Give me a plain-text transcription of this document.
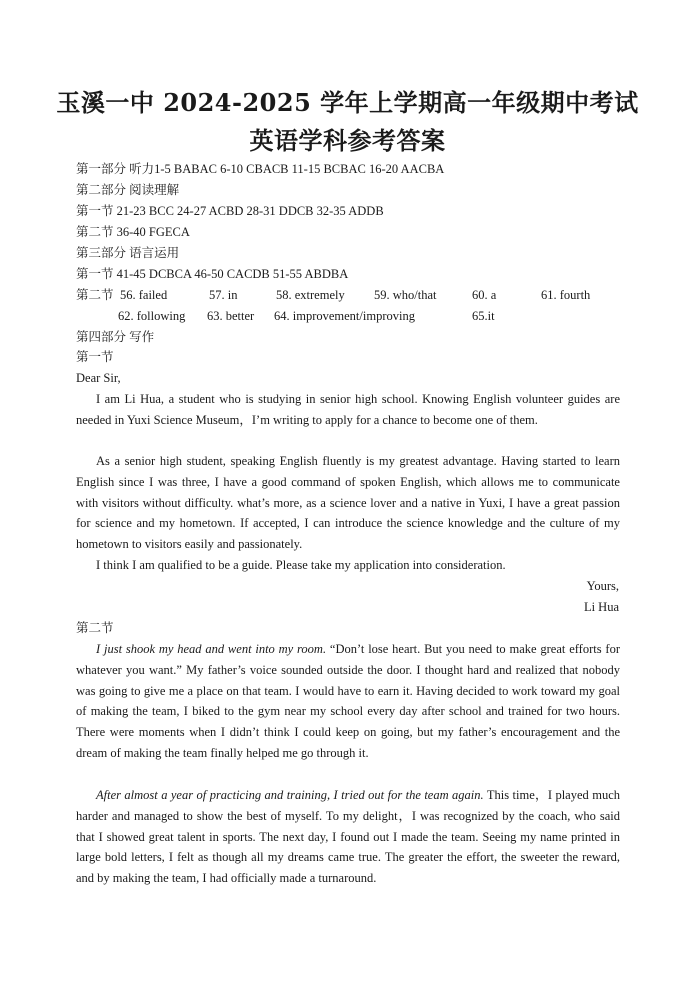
玉溪一中 2024-2025 学年上学期高一年级期中考试
英语学科参考答案
第一部分 听力1-5 BABAC 6-10 CBACB 11-15 BCBAC 16-20 AACBA
第二部分 阅读理解
第一节 21-23 BCC 24-27 ACBD 28-31 DDCB 32-35 ADDB
第二节 36-40 FGECA
第三部分 语言运用
第一节 41-45 DCBCA 46-50 CACDB 51-55 ABDBA
第二节 56. failed	57. in	58. extremely 59. who/that	60. a	61. fourth
62. following 63. better 64. improvement/improving	65.it
第四部分 写作
第一节
Dear Sir,
I am Li Hua, a student who is studying in senior high school. Knowing English volunteer guides are needed in Yuxi Science Museum，I’m writing to apply for a chance to become one of them.
As a senior high student, speaking English fluently is my greatest advantage. Having started to learn English since I was three, I have a good command of spoken English, which allows me to communicate with visitors without difficulty. what’s more, as a science lover and a native in Yuxi, I have a great passion for science and my hometown. If accepted, I can introduce the science knowledge and the culture of my hometown to visitors easily and passionately.
I think I am qualified to be a guide. Please take my application into consideration.
Yours,
Li Hua
第二节
I just shook my head and went into my room. “Don’t lose heart. But you need to make great efforts for whatever you want.” My father’s voice sounded outside the door. I thought hard and realized that nobody was going to give me a place on that team. I would have to earn it. Having decided to work toward my goal of making the team, I biked to the gym near my school every day after school and trained for two hours. There were moments when I didn’t think I could keep on going, but my father’s encouragement and the dream of making the team finally helped me go through it.
After almost a year of practicing and training, I tried out for the team again. This time，I played much harder and managed to show the best of myself. To my delight，I was recognized by the coach, who said that I showed great talent in sports. The next day, I found out I made the team. Seeing my name printed in large bold letters, I felt as though all my dreams came true. The greater the effort, the sweeter the reward, and by making the team, I had officially made a turnaround.
